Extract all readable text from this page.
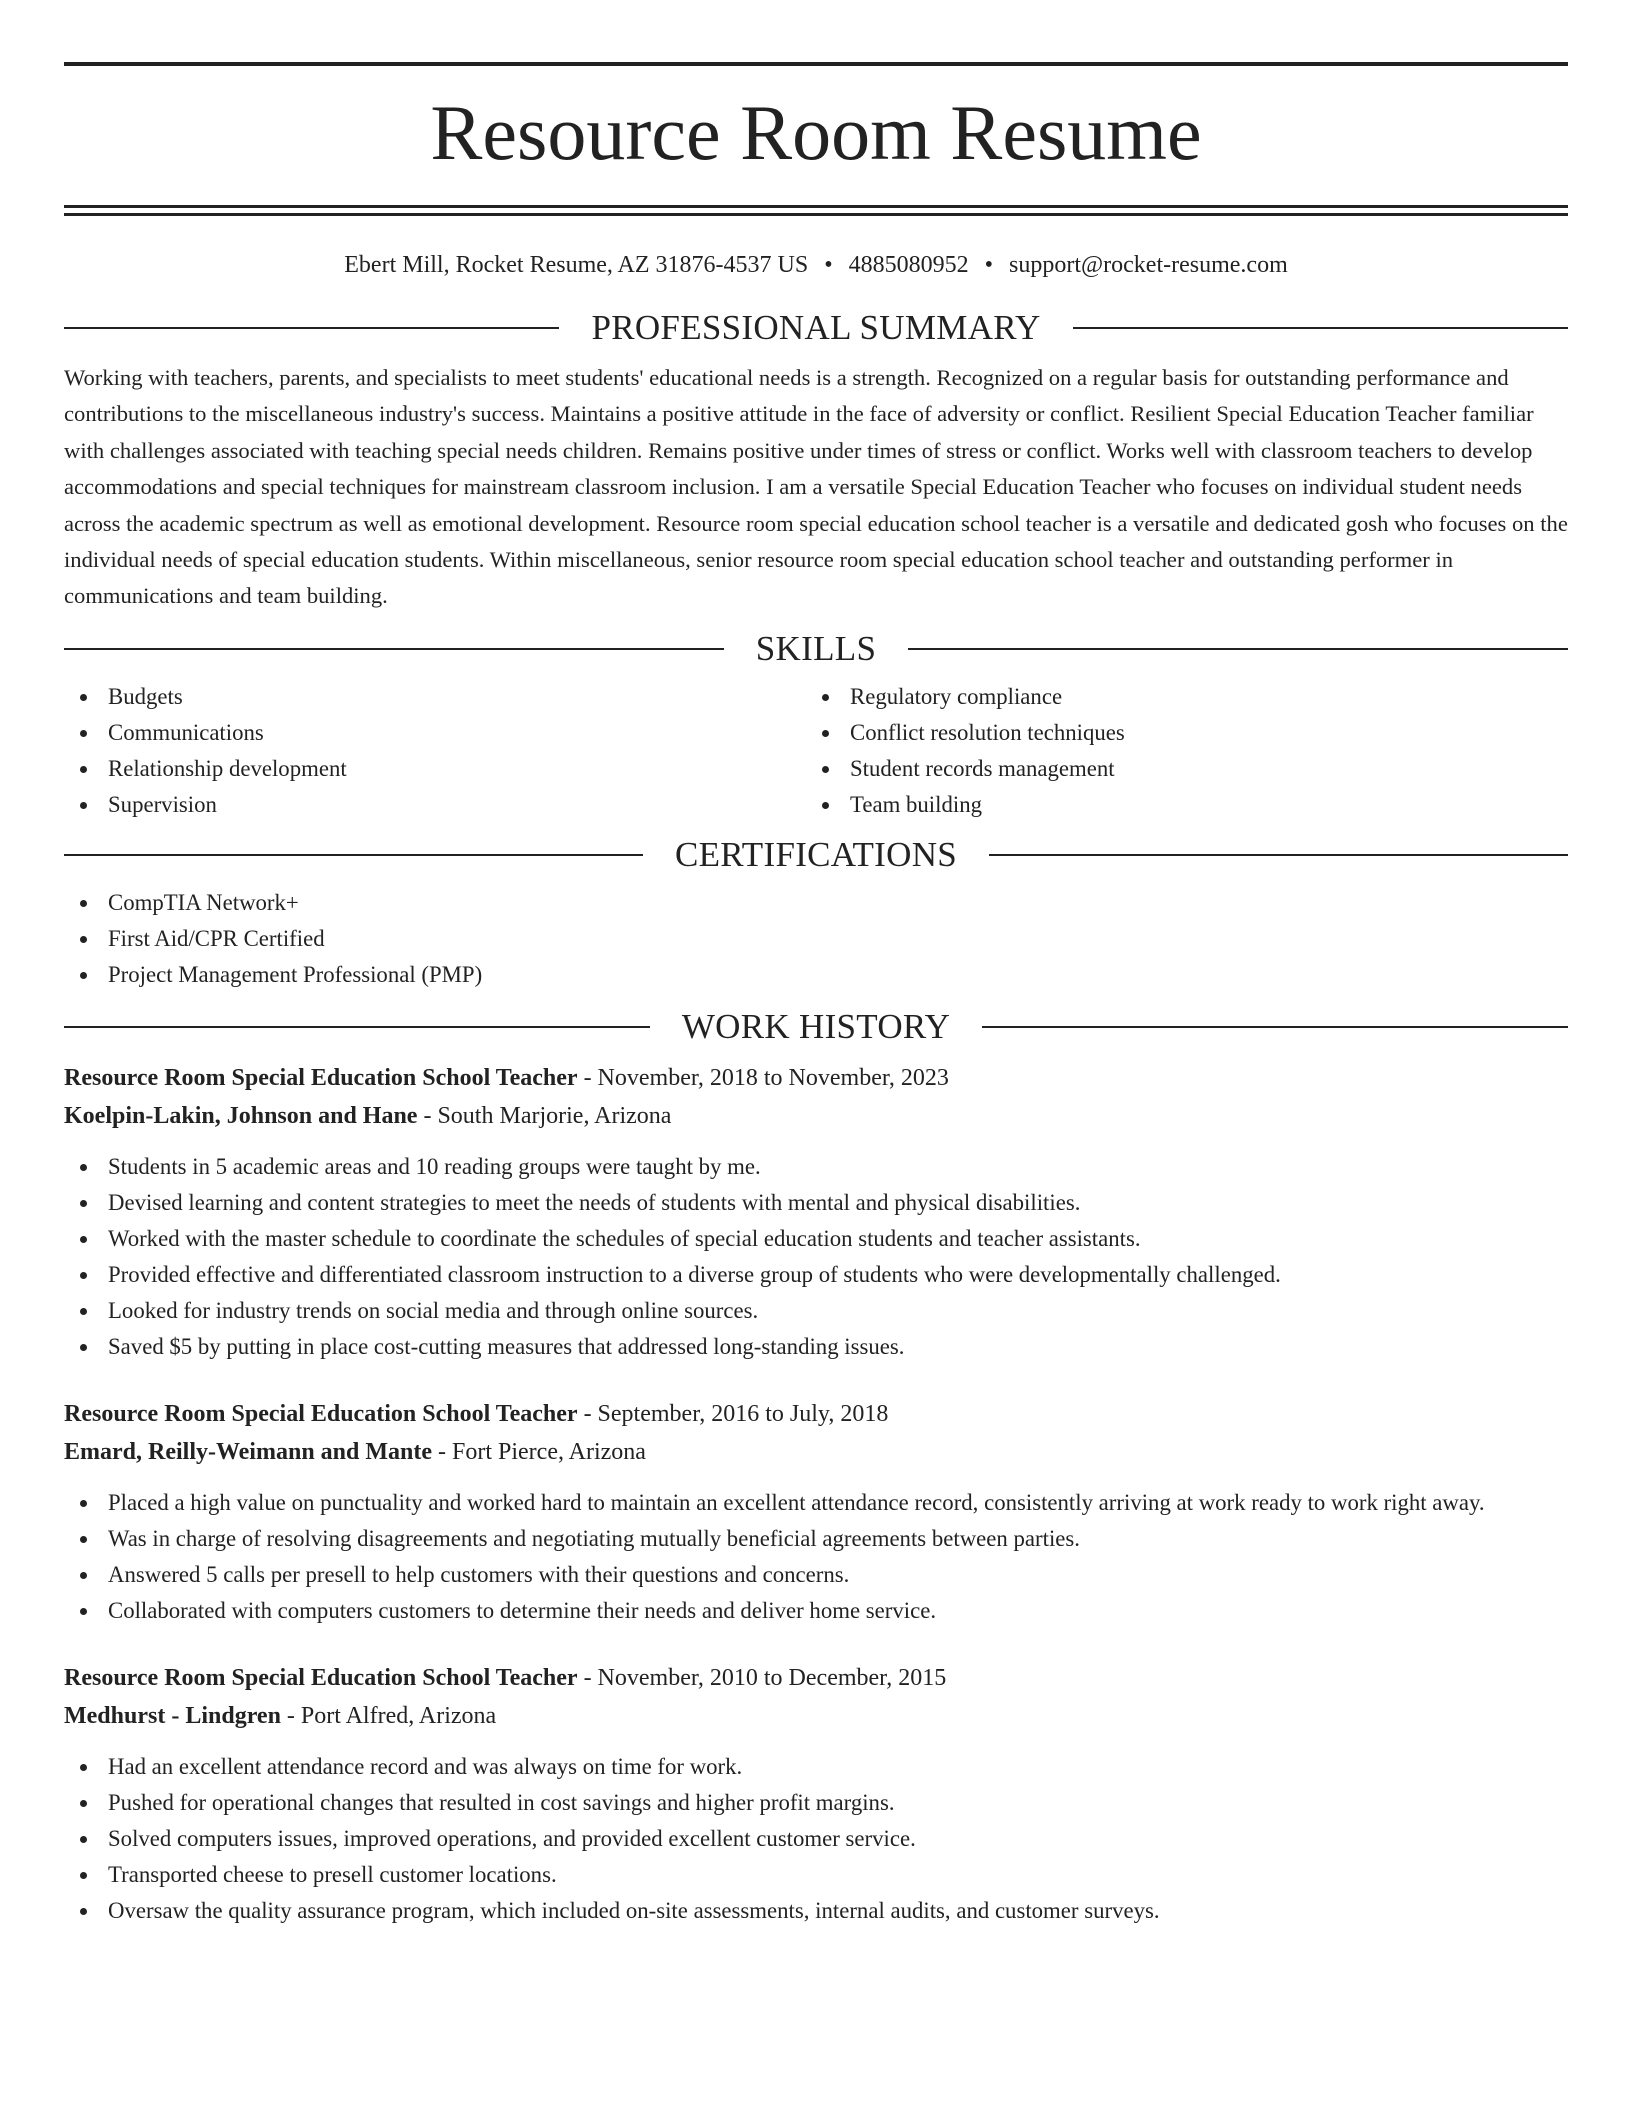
Resource Room Resume
Ebert Mill, Rocket Resume, AZ 31876-4537 US • 4885080952 • support@rocket-resume.com
PROFESSIONAL SUMMARY

Working with teachers, parents, and specialists to meet students' educational needs is a strength. Recognized on a regular basis for outstanding performance and contributions to the miscellaneous industry's success. Maintains a positive attitude in the face of adversity or conflict. Resilient Special Education Teacher familiar with challenges associated with teaching special needs children. Remains positive under times of stress or conflict. Works well with classroom teachers to develop accommodations and special techniques for mainstream classroom inclusion. I am a versatile Special Education Teacher who focuses on individual student needs across the academic spectrum as well as emotional development. Resource room special education school teacher is a versatile and dedicated gosh who focuses on the individual needs of special education students. Within miscellaneous, senior resource room special education school teacher and outstanding performer in communications and team building.

SKILLS
Budgets
Communications
Relationship development
Supervision
Regulatory compliance
Conflict resolution techniques
Student records management
Team building
CERTIFICATIONS
CompTIA Network+
First Aid/CPR Certified
Project Management Professional (PMP)
WORK HISTORY
Resource Room Special Education School Teacher - November, 2018 to November, 2023
Koelpin-Lakin, Johnson and Hane - South Marjorie, Arizona
Students in 5 academic areas and 10 reading groups were taught by me.
Devised learning and content strategies to meet the needs of students with mental and physical disabilities.
Worked with the master schedule to coordinate the schedules of special education students and teacher assistants.
Provided effective and differentiated classroom instruction to a diverse group of students who were developmentally challenged.
Looked for industry trends on social media and through online sources.
Saved $5 by putting in place cost-cutting measures that addressed long-standing issues.
Resource Room Special Education School Teacher - September, 2016 to July, 2018
Emard, Reilly-Weimann and Mante - Fort Pierce, Arizona
Placed a high value on punctuality and worked hard to maintain an excellent attendance record, consistently arriving at work ready to work right away.
Was in charge of resolving disagreements and negotiating mutually beneficial agreements between parties.
Answered 5 calls per presell to help customers with their questions and concerns.
Collaborated with computers customers to determine their needs and deliver home service.
Resource Room Special Education School Teacher - November, 2010 to December, 2015
Medhurst - Lindgren - Port Alfred, Arizona
Had an excellent attendance record and was always on time for work.
Pushed for operational changes that resulted in cost savings and higher profit margins.
Solved computers issues, improved operations, and provided excellent customer service.
Transported cheese to presell customer locations.
Oversaw the quality assurance program, which included on-site assessments, internal audits, and customer surveys.
